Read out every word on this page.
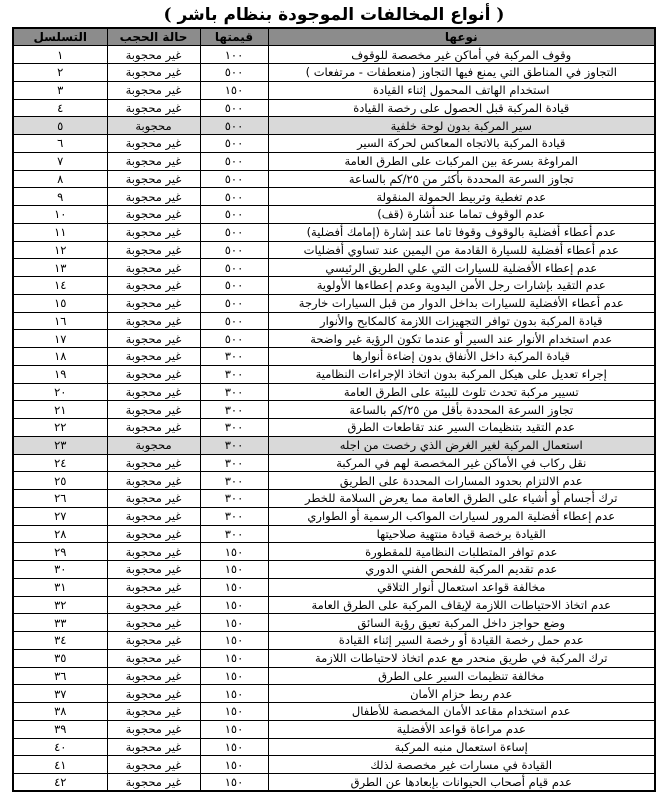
( أنواع المخالفات الموجودة بنظام باشر )
نوعها	قيمتها	حالة الحجب	التسلسل
وقوف المركبة في أماكن غير مخصصة للوقوف	١٠٠	غير محجوبة	١
التجاوز في المناطق التي يمنع فيها التجاوز (منعطفات - مرتفعات )	٥٠٠	غير محجوبة	٢
استخدام الهاتف المحمول إثناء القيادة	١٥٠	غير محجوبة	٣
قيادة المركبة قبل الحصول على رخصة القيادة	٥٠٠	غير محجوبة	٤
سير المركبة بدون لوحة خلفية	٥٠٠	محجوبة	٥
قيادة المركبة بالاتجاه المعاكس لحركة السير	٥٠٠	غير محجوبة	٦
المراوغة بسرعة بين المركبات على الطرق العامة	٥٠٠	غير محجوبة	٧
تجاوز السرعة المحددة بأكثر من ٢٥/كم بالساعة	٥٠٠	غير محجوبة	٨
عدم تغطية وتربيط الحمولة المنقولة	٥٠٠	غير محجوبة	٩
عدم الوقوف تماما عند أشارة (قف)	٥٠٠	غير محجوبة	١٠
عدم أعطاء أفضلية بالوقوف وقوفا تاما عند إشارة (إمامك أفضلية)	٥٠٠	غير محجوبة	١١
عدم أعطاء أفضلية للسيارة القادمة من اليمين عند تساوي أفضليات	٥٠٠	غير محجوبة	١٢
عدم إعطاء الأفضلية للسيارات التي علي الطريق الرئيسي	٥٠٠	غير محجوبة	١٣
عدم التقيد بإشارات رجل الأمن اليدوية وعدم إعطاءها الأولوية	٥٠٠	غير محجوبة	١٤
عدم أعطاء الأفضلية للسيارات بداخل الدوار من قبل السيارات خارجة	٥٠٠	غير محجوبة	١٥
قيادة المركبة بدون توافر التجهيزات اللازمة كالمكابح والأنوار	٥٠٠	غير محجوبة	١٦
عدم استخدام الأنوار عند السير أو عندما تكون الرؤية غير واضحة	٥٠٠	غير محجوبة	١٧
قيادة المركبة داخل الأنفاق بدون إضاءة أنوارها	٣٠٠	غير محجوبة	١٨
إجراء تعديل على هيكل المركبة بدون اتخاذ الإجراءات النظامية	٣٠٠	غير محجوبة	١٩
تسيير مركبة تحدث تلوث للبيئة على الطرق العامة	٣٠٠	غير محجوبة	٢٠
تجاوز السرعة المحددة بأقل من ٢٥/كم بالساعة	٣٠٠	غير محجوبة	٢١
عدم التقيد بتنظيمات السير عند تقاطعات الطرق	٣٠٠	غير محجوبة	٢٢
استعمال المركبة لغير الغرض الذي رخصت من اجله	٣٠٠	محجوبة	٢٣
نقل ركاب في الأماكن غير المخصصة لهم في المركبة	٣٠٠	غير محجوبة	٢٤
عدم الالتزام بحدود المسارات المحددة على الطريق	٣٠٠	غير محجوبة	٢٥
ترك أجسام أو أشياء على الطرق العامة مما يعرض السلامة للخطر	٣٠٠	غير محجوبة	٢٦
عدم إعطاء أفضلية المرور لسيارات المواكب الرسمية أو الطواري	٣٠٠	غير محجوبة	٢٧
القيادة برخصة قيادة منتهية صلاحيتها	٣٠٠	غير محجوبة	٢٨
عدم توافر المتطلبات النظامية للمقطورة	١٥٠	غير محجوبة	٢٩
عدم تقديم المركبة للفحص الفني الدوري	١٥٠	غير محجوبة	٣٠
مخالفة قواعد استعمال أنوار التلاقي	١٥٠	غير محجوبة	٣١
عدم اتخاذ الاحتياطات اللازمة لإيقاف المركبة على الطرق العامة	١٥٠	غير محجوبة	٣٢
وضع حواجز داخل المركبة تعيق رؤية السائق	١٥٠	غير محجوبة	٣٣
عدم حمل رخصة القيادة أو رخصة السير إثناء القيادة	١٥٠	غير محجوبة	٣٤
ترك المركبة في طريق منحدر مع عدم اتخاذ لاحتياطات اللازمة	١٥٠	غير محجوبة	٣٥
مخالفة تنظيمات السير على الطرق	١٥٠	غير محجوبة	٣٦
عدم ربط حزام الأمان	١٥٠	غير محجوبة	٣٧
عدم استخدام مقاعد الأمان المخصصة للأطفال	١٥٠	غير محجوبة	٣٨
عدم مراعاة قواعد الأفضلية	١٥٠	غير محجوبة	٣٩
إساءة استعمال منبه المركبة	١٥٠	غير محجوبة	٤٠
القيادة في مسارات غير مخصصة لذلك	١٥٠	غير محجوبة	٤١
عدم قيام أصحاب الحيوانات بإبعادها عن الطرق	١٥٠	غير محجوبة	٤٢
